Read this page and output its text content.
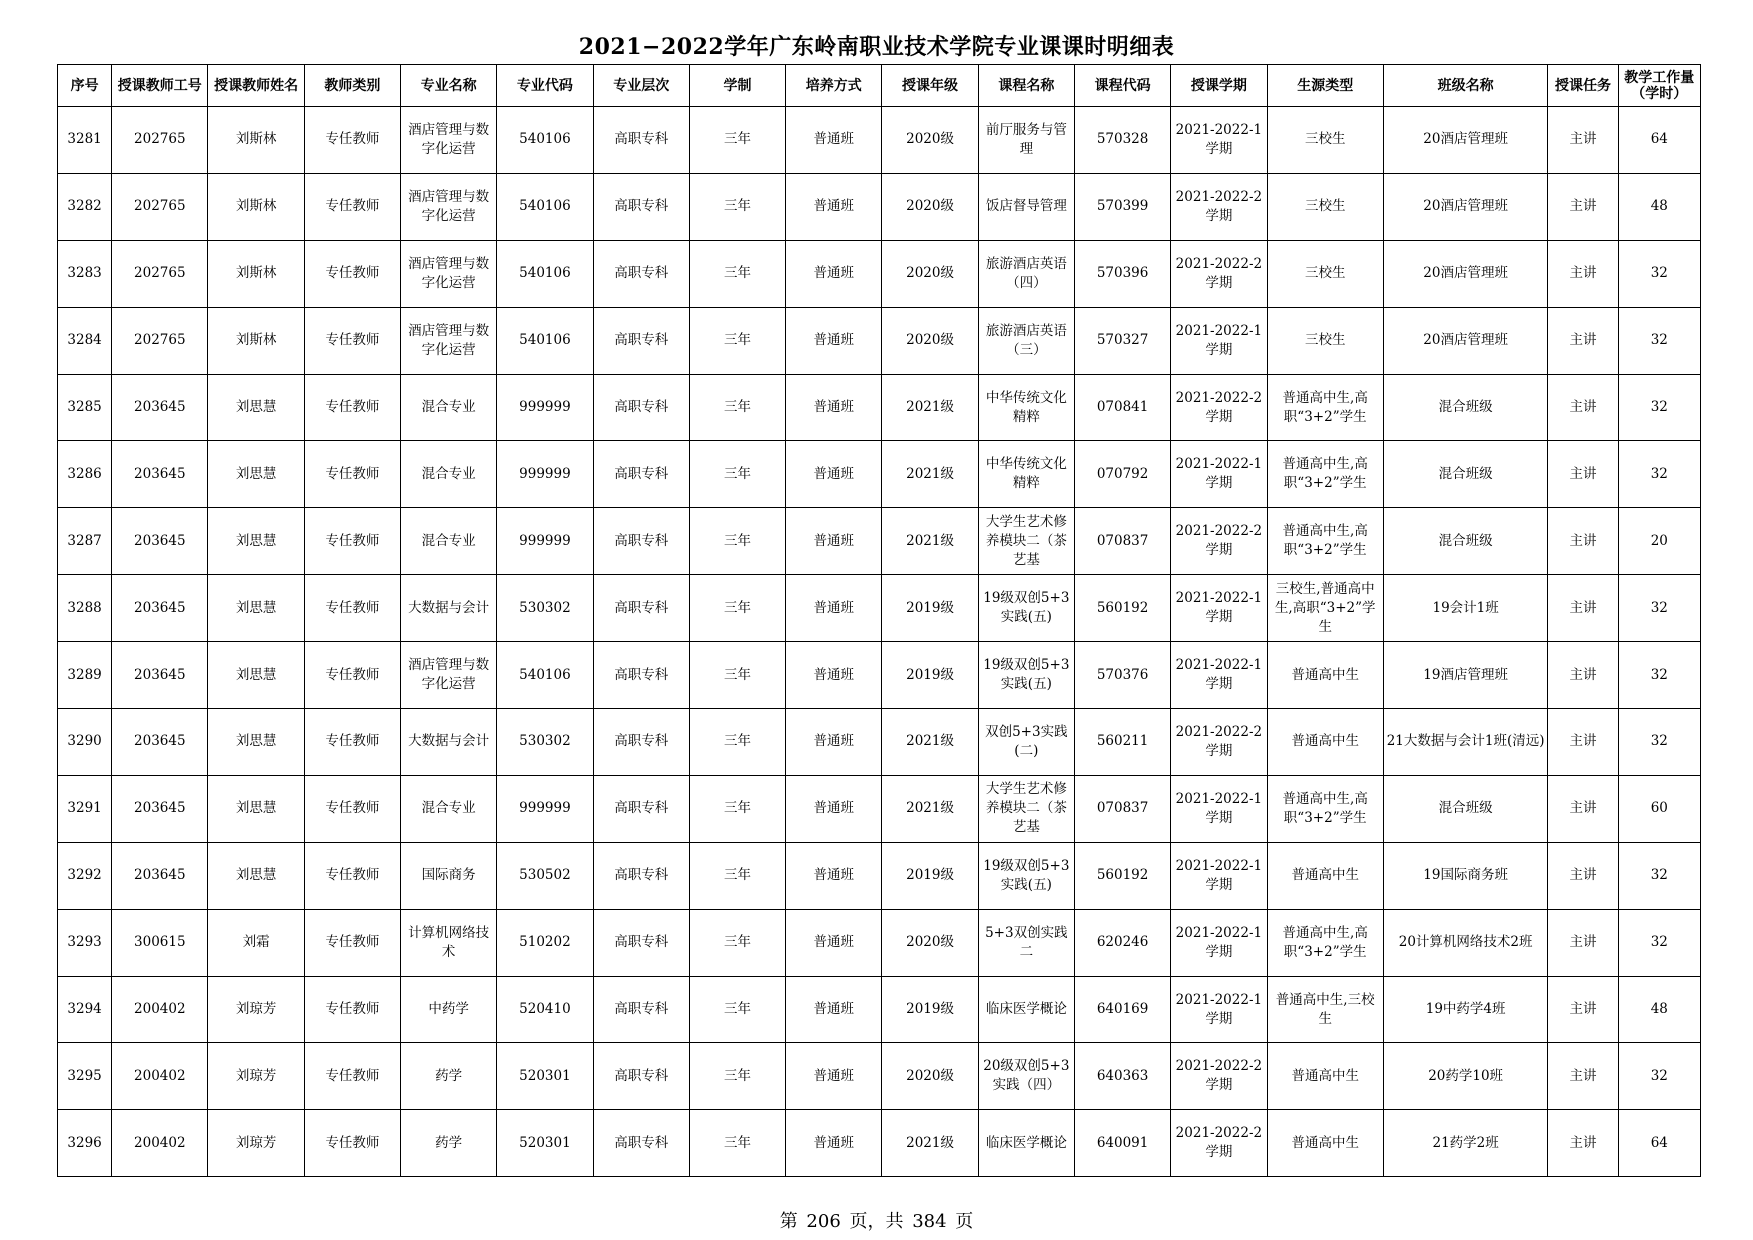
2021−2022学年广东岭南职业技术学院专业课课时明细表
序号	授课教师工号	授课教师姓名	教师类别	专业名称	专业代码	专业层次	学制	培养方式	授课年级	课程名称	课程代码	授课学期	生源类型	班级名称	授课任务	教学工作量（学时）
3281	202765	刘斯林	专任教师	酒店管理与数字化运营	540106	高职专科	三年	普通班	2020级	前厅服务与管理	570328	2021-2022-1学期	三校生	20酒店管理班	主讲	64
3282	202765	刘斯林	专任教师	酒店管理与数字化运营	540106	高职专科	三年	普通班	2020级	饭店督导管理	570399	2021-2022-2学期	三校生	20酒店管理班	主讲	48
3283	202765	刘斯林	专任教师	酒店管理与数字化运营	540106	高职专科	三年	普通班	2020级	旅游酒店英语（四）	570396	2021-2022-2学期	三校生	20酒店管理班	主讲	32
3284	202765	刘斯林	专任教师	酒店管理与数字化运营	540106	高职专科	三年	普通班	2020级	旅游酒店英语（三）	570327	2021-2022-1学期	三校生	20酒店管理班	主讲	32
3285	203645	刘思慧	专任教师	混合专业	999999	高职专科	三年	普通班	2021级	中华传统文化精粹	070841	2021-2022-2学期	普通高中生,高职“3+2”学生	混合班级	主讲	32
3286	203645	刘思慧	专任教师	混合专业	999999	高职专科	三年	普通班	2021级	中华传统文化精粹	070792	2021-2022-1学期	普通高中生,高职“3+2”学生	混合班级	主讲	32
3287	203645	刘思慧	专任教师	混合专业	999999	高职专科	三年	普通班	2021级	大学生艺术修养模块二（茶艺基	070837	2021-2022-2学期	普通高中生,高职“3+2”学生	混合班级	主讲	20
3288	203645	刘思慧	专任教师	大数据与会计	530302	高职专科	三年	普通班	2019级	19级双创5+3实践(五)	560192	2021-2022-1学期	三校生,普通高中生,高职“3+2”学生	19会计1班	主讲	32
3289	203645	刘思慧	专任教师	酒店管理与数字化运营	540106	高职专科	三年	普通班	2019级	19级双创5+3实践(五)	570376	2021-2022-1学期	普通高中生	19酒店管理班	主讲	32
3290	203645	刘思慧	专任教师	大数据与会计	530302	高职专科	三年	普通班	2021级	双创5+3实践(二)	560211	2021-2022-2学期	普通高中生	21大数据与会计1班(清远)	主讲	32
3291	203645	刘思慧	专任教师	混合专业	999999	高职专科	三年	普通班	2021级	大学生艺术修养模块二（茶艺基	070837	2021-2022-1学期	普通高中生,高职“3+2”学生	混合班级	主讲	60
3292	203645	刘思慧	专任教师	国际商务	530502	高职专科	三年	普通班	2019级	19级双创5+3实践(五)	560192	2021-2022-1学期	普通高中生	19国际商务班	主讲	32
3293	300615	刘霜	专任教师	计算机网络技术	510202	高职专科	三年	普通班	2020级	5+3双创实践二	620246	2021-2022-1学期	普通高中生,高职“3+2”学生	20计算机网络技术2班	主讲	32
3294	200402	刘琼芳	专任教师	中药学	520410	高职专科	三年	普通班	2019级	临床医学概论	640169	2021-2022-1学期	普通高中生,三校生	19中药学4班	主讲	48
3295	200402	刘琼芳	专任教师	药学	520301	高职专科	三年	普通班	2020级	20级双创5+3实践（四）	640363	2021-2022-2学期	普通高中生	20药学10班	主讲	32
3296	200402	刘琼芳	专任教师	药学	520301	高职专科	三年	普通班	2021级	临床医学概论	640091	2021-2022-2学期	普通高中生	21药学2班	主讲	64
第 206 页，共 384 页
